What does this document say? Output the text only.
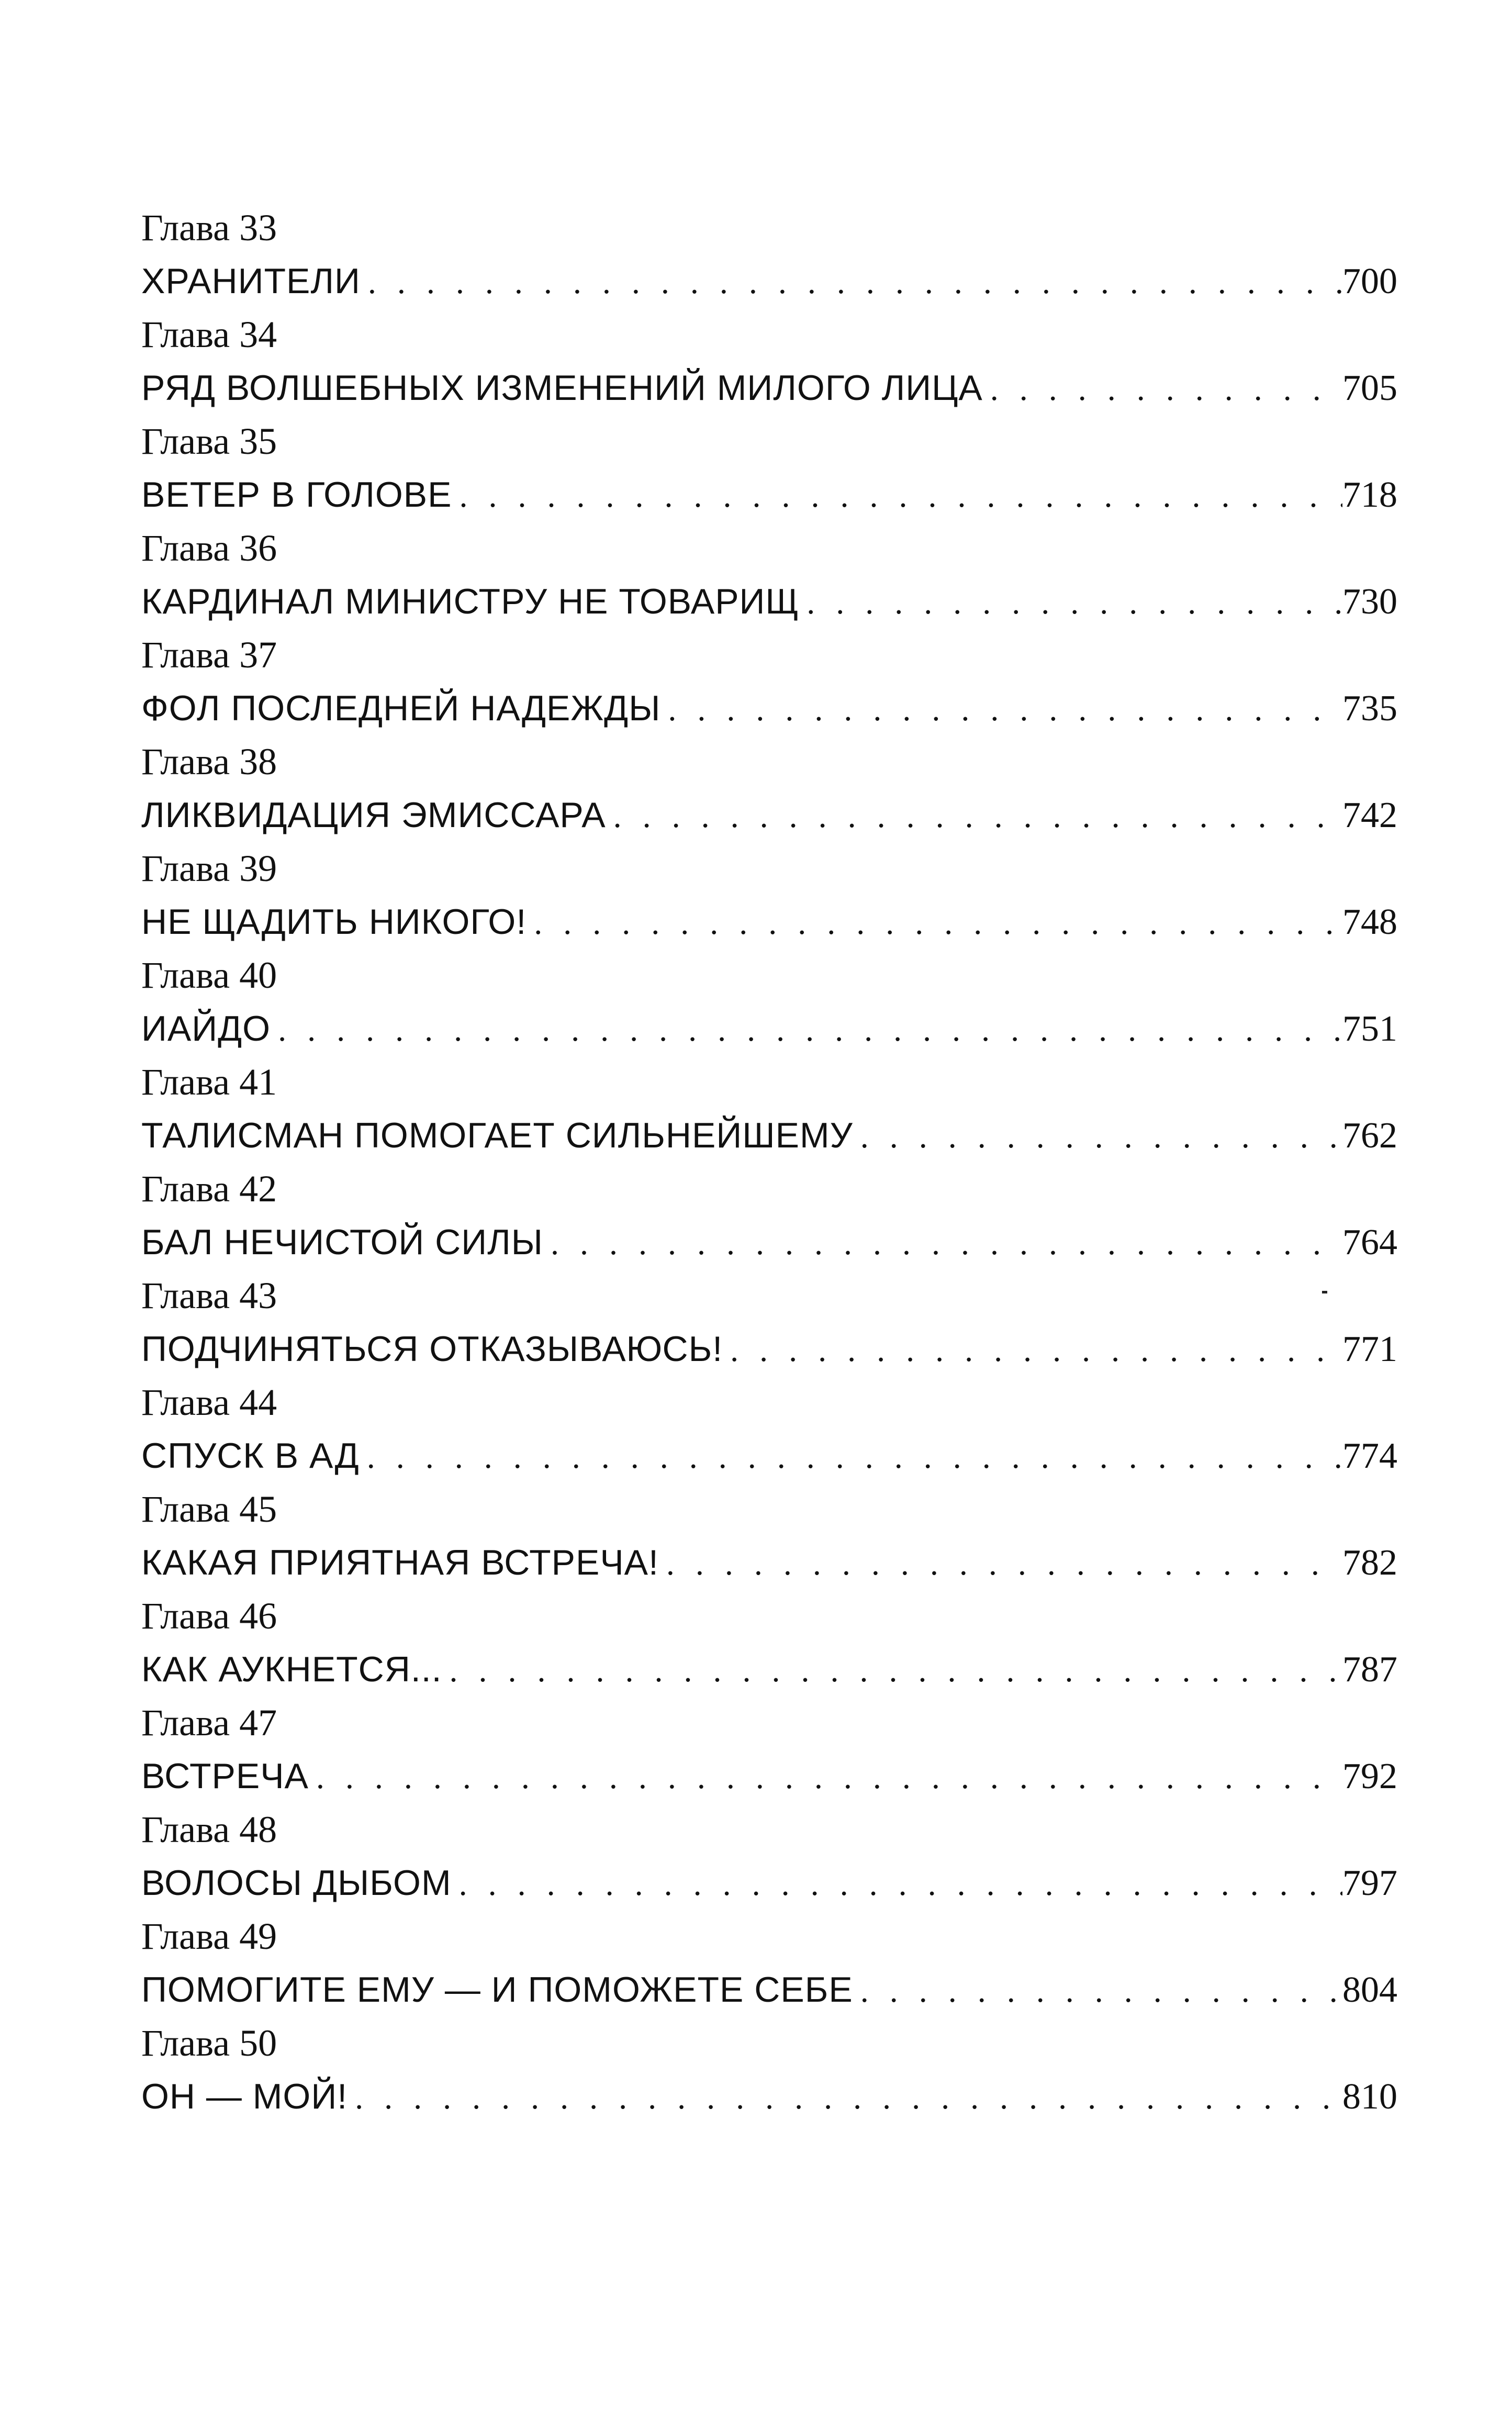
Глава 33
ХРАНИТЕЛИ . . .	700
Глава 34
РЯД ВОЛШЕБНЫХ ИЗМЕНЕНИЙ МИЛОГО ЛИЦА . . .	705
Глава 35
ВЕТЕР В ГОЛОВЕ . . .	718
Глава 36
КАРДИНАЛ МИНИСТРУ НЕ ТОВАРИЩ . . .	730
Глава 37
ФОЛ ПОСЛЕДНЕЙ НАДЕЖДЫ . . .	735
Глава 38
ЛИКВИДАЦИЯ ЭМИССАРА . . .	742
Глава 39
НЕ ЩАДИТЬ НИКОГО! . . .	748
Глава 40
ИАЙДО . . .	751
Глава 41
ТАЛИСМАН ПОМОГАЕТ СИЛЬНЕЙШЕМУ . . .	762
Глава 42
БАЛ НЕЧИСТОЙ СИЛЫ . . .	764
Глава 43
ПОДЧИНЯТЬСЯ ОТКАЗЫВАЮСЬ! . . .	771
Глава 44
СПУСК В АД . . .	774
Глава 45
КАКАЯ ПРИЯТНАЯ ВСТРЕЧА! . . .	782
Глава 46
КАК АУКНЕТСЯ... . . .	787
Глава 47
ВСТРЕЧА . . .	792
Глава 48
ВОЛОСЫ ДЫБОМ . . .	797
Глава 49
ПОМОГИТЕ ЕМУ — И ПОМОЖЕТЕ СЕБЕ . . .	804
Глава 50
ОН — МОЙ! . . .	810
